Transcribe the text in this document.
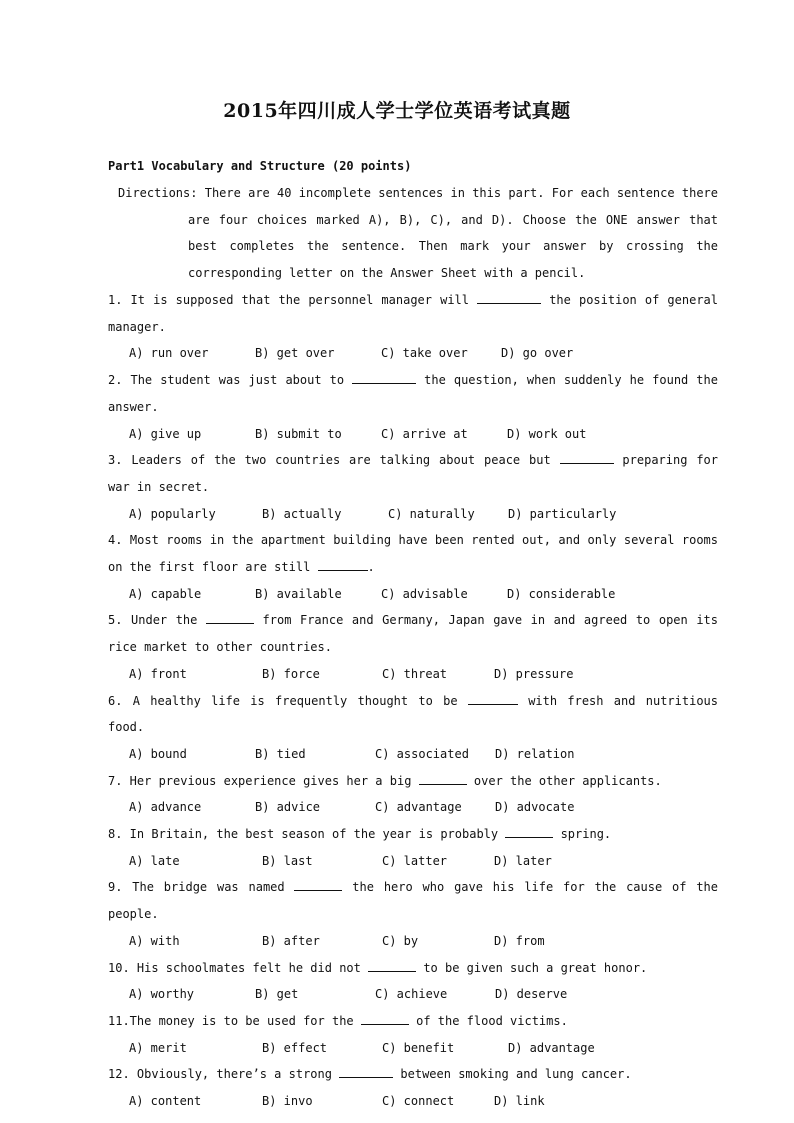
2015年四川成人学士学位英语考试真题
Part1 Vocabulary and Structure (20 points)
Directions: There are 40 incomplete sentences in this part. For each sentence there
are four choices marked A), B), C), and D). Choose the ONE answer that best completes the sentence. Then mark your answer by crossing the corresponding letter on the Answer Sheet with a pencil.
1. It is supposed that the personnel manager will	the position of general manager.
A) run over	B) get over	C) take over	D) go over
2. The student was just about to	the question, when suddenly he found the answer.
A) give up	B) submit to	C) arrive at	D) work out
3. Leaders of the two countries are talking about peace but	preparing for war in secret.
A) popularly	B) actually	C) naturally	D) particularly
4. Most rooms in the apartment building have been rented out, and only several rooms on the first floor are still	.
A) capable	B) available	C) advisable	D) considerable
5. Under the	from France and Germany, Japan gave in and agreed to open its rice market to other countries.
A) front	B) force	C) threat	D) pressure
6. A healthy life is frequently thought to be	with fresh and nutritious food.
A) bound	B) tied	C) associated	D) relation
7. Her previous experience gives her a big	over the other applicants.
A) advance	B) advice	C) advantage	D) advocate
8. In Britain, the best season of the year is probably	spring.
A) late	B) last	C) latter	D) later
9. The bridge was named	the hero who gave his life for the cause of the people.
A) with	B) after	C) by	D) from
10. His schoolmates felt he did not	to be given such a great honor.
A) worthy	B) get	C) achieve	D) deserve
11.The money is to be used for the	of the flood victims.
A) merit	B) effect	C) benefit	D) advantage
12. Obviously, there’s a strong	between smoking and lung cancer.
A) content	B) invo	C) connect	D) link
